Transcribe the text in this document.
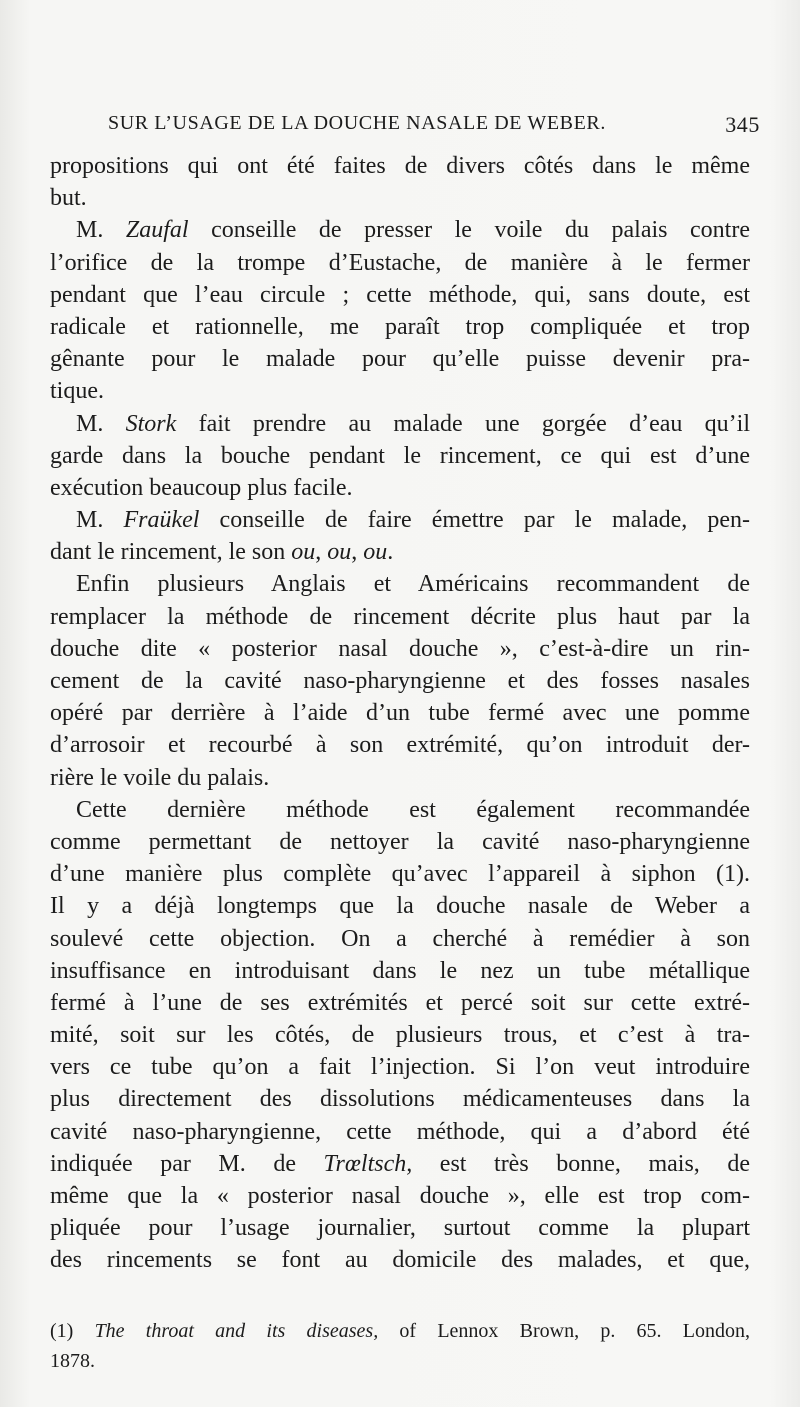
SUR L’USAGE DE LA DOUCHE NASALE DE WEBER.	345
propositions qui ont été faites de divers côtés dans le même
but.
M. Zaufal conseille de presser le voile du palais contre
l’orifice de la trompe d’Eustache, de manière à le fermer
pendant que l’eau circule ; cette méthode, qui, sans doute, est
radicale et rationnelle, me paraît trop compliquée et trop
gênante pour le malade pour qu’elle puisse devenir pra-
tique.
M. Stork fait prendre au malade une gorgée d’eau qu’il
garde dans la bouche pendant le rincement, ce qui est d’une
exécution beaucoup plus facile.
M. Fraükel conseille de faire émettre par le malade, pen-
dant le rincement, le son ou, ou, ou.
Enfin plusieurs Anglais et Américains recommandent de
remplacer la méthode de rincement décrite plus haut par la
douche dite « posterior nasal douche », c’est-à-dire un rin-
cement de la cavité naso-pharyngienne et des fosses nasales
opéré par derrière à l’aide d’un tube fermé avec une pomme
d’arrosoir et recourbé à son extrémité, qu’on introduit der-
rière le voile du palais.
Cette dernière méthode est également recommandée
comme permettant de nettoyer la cavité naso-pharyngienne
d’une manière plus complète qu’avec l’appareil à siphon (1).
Il y a déjà longtemps que la douche nasale de Weber a
soulevé cette objection. On a cherché à remédier à son
insuffisance en introduisant dans le nez un tube métallique
fermé à l’une de ses extrémités et percé soit sur cette extré-
mité, soit sur les côtés, de plusieurs trous, et c’est à tra-
vers ce tube qu’on a fait l’injection. Si l’on veut introduire
plus directement des dissolutions médicamenteuses dans la
cavité naso-pharyngienne, cette méthode, qui a d’abord été
indiquée par M. de Trœltsch, est très bonne, mais, de
même que la « posterior nasal douche », elle est trop com-
pliquée pour l’usage journalier, surtout comme la plupart
des rincements se font au domicile des malades, et que,
(1) The throat and its diseases, of Lennox Brown, p. 65. London,
1878.
